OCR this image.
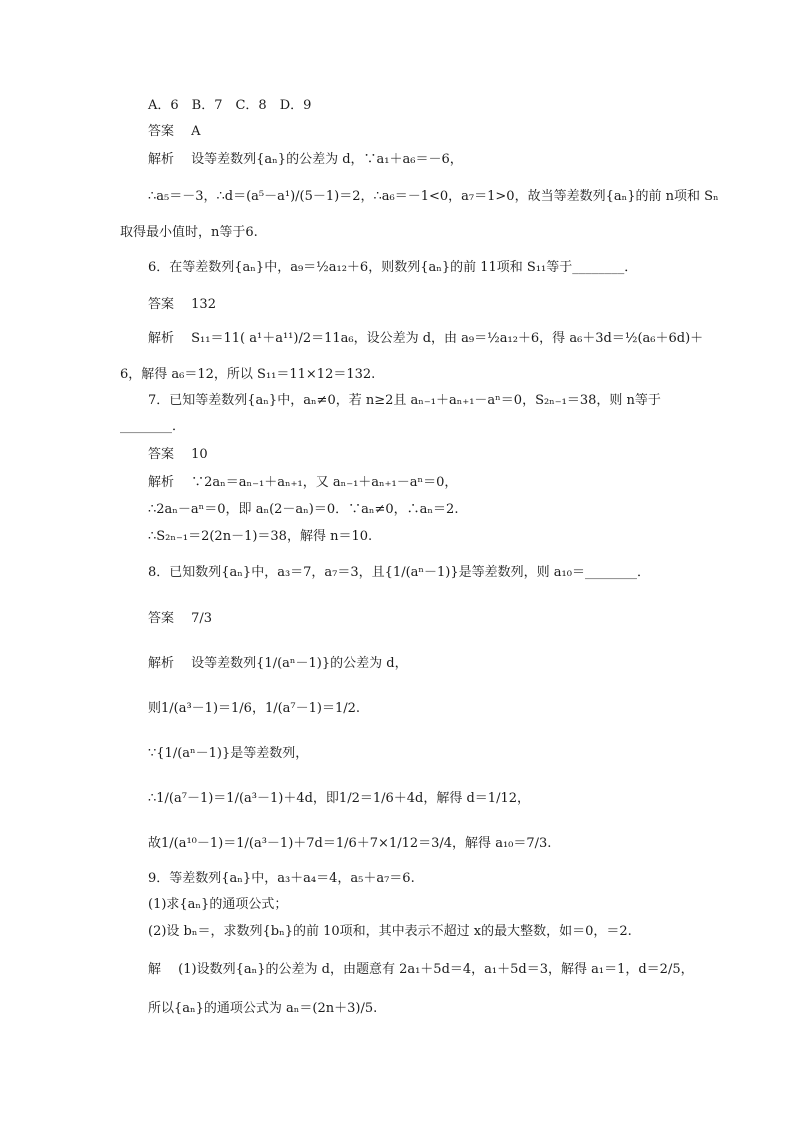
A．6　B．7　C．8　D．9
答案　 A
解析　 设等差数列{aₙ}的公差为 d，∵a₁＋a₆＝－6，
∴a₅＝－3，∴d＝(a⁵－a¹)/(5－1)＝2，∴a₆＝－1<0，a₇＝1>0，故当等差数列{aₙ}的前 n项和 Sₙ
取得最小值时，n等于6.
6．在等差数列{aₙ}中，a₉＝½a₁₂＋6，则数列{aₙ}的前 11项和 S₁₁等于________．
答案　 132
解析　 S₁₁＝11( a¹＋a¹¹)/2＝11a₆，设公差为 d，由 a₉＝½a₁₂＋6，得 a₆＋3d＝½(a₆＋6d)＋
6，解得 a₆＝12，所以 S₁₁＝11×12＝132.
7．已知等差数列{aₙ}中，aₙ≠0，若 n≥2且 aₙ₋₁＋aₙ₊₁－aⁿ＝0，S₂ₙ₋₁＝38，则 n等于
________．
答案　 10
解析　 ∵2aₙ＝aₙ₋₁＋aₙ₊₁，又 aₙ₋₁＋aₙ₊₁－aⁿ＝0，
∴2aₙ－aⁿ＝0，即 aₙ(2－aₙ)＝0．∵aₙ≠0，∴aₙ＝2.
∴S₂ₙ₋₁＝2(2n－1)＝38，解得 n＝10.
8．已知数列{aₙ}中，a₃＝7，a₇＝3，且{1/(aⁿ－1)}是等差数列，则 a₁₀＝________．
答案　 7/3
解析　 设等差数列{1/(aⁿ－1)}的公差为 d，
则1/(a³－1)＝1/6，1/(a⁷－1)＝1/2.
∵{1/(aⁿ－1)}是等差数列，
∴1/(a⁷－1)＝1/(a³－1)＋4d，即1/2＝1/6＋4d，解得 d＝1/12，
故1/(a¹⁰－1)＝1/(a³－1)＋7d＝1/6＋7×1/12＝3/4，解得 a₁₀＝7/3.
9．等差数列{aₙ}中，a₃＋a₄＝4，a₅＋a₇＝6.
(1)求{aₙ}的通项公式；
(2)设 bₙ＝，求数列{bₙ}的前 10项和，其中表示不超过 x的最大整数，如＝0，＝2.
解　 (1)设数列{aₙ}的公差为 d，由题意有 2a₁＋5d＝4，a₁＋5d＝3，解得 a₁＝1，d＝2/5，
所以{aₙ}的通项公式为 aₙ＝(2n＋3)/5.
